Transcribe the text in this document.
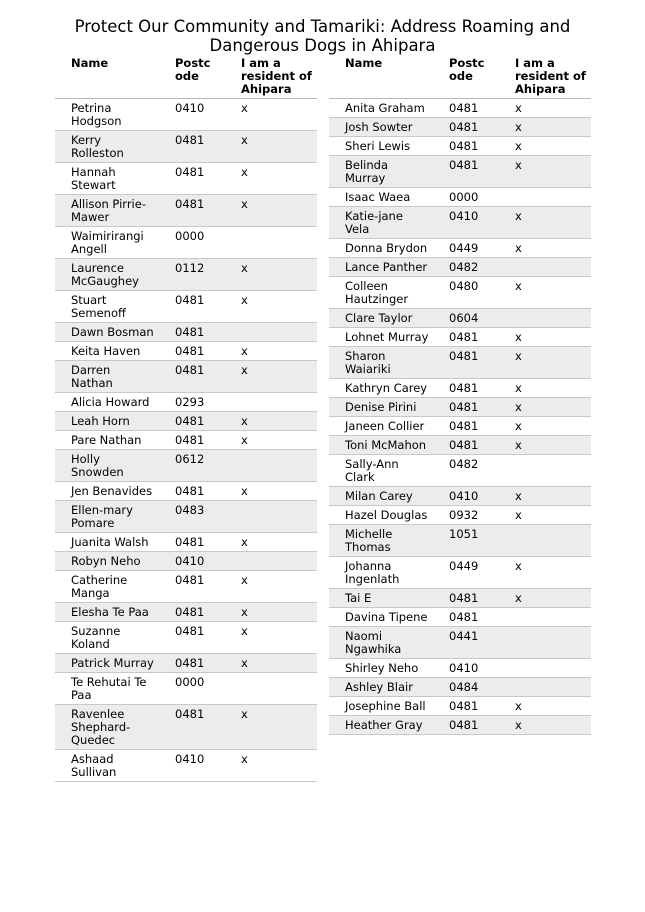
Protect Our Community and Tamariki: Address Roaming and
Dangerous Dogs in Ahipara
Name	Postc ode	I am a resident of Ahipara
Petrina Hodgson	0410	x
Kerry Rolleston	0481	x
Hannah Stewart	0481	x
Allison Pirrie-Mawer	0481	x
Waimirirangi Angell	0000	
Laurence McGaughey	0112	x
Stuart Semenoff	0481	x
Dawn Bosman	0481	
Keita Haven	0481	x
Darren Nathan	0481	x
Alicia Howard	0293	
Leah Horn	0481	x
Pare Nathan	0481	x
Holly Snowden	0612	
Jen Benavides	0481	x
Ellen-mary Pomare	0483	
Juanita Walsh	0481	x
Robyn Neho	0410	
Catherine Manga	0481	x
Elesha Te Paa	0481	x
Suzanne Koland	0481	x
Patrick Murray	0481	x
Te Rehutai Te Paa	0000	
Ravenlee Shephard-Quedec	0481	x
Ashaad Sullivan	0410	x
Name	Postc ode	I am a resident of Ahipara
Anita Graham	0481	x
Josh Sowter	0481	x
Sheri Lewis	0481	x
Belinda Murray	0481	x
Isaac Waea	0000	
Katie-jane Vela	0410	x
Donna Brydon	0449	x
Lance Panther	0482	
Colleen Hautzinger	0480	x
Clare Taylor	0604	
Lohnet Murray	0481	x
Sharon Waiariki	0481	x
Kathryn Carey	0481	x
Denise Pirini	0481	x
Janeen Collier	0481	x
Toni McMahon	0481	x
Sally-Ann Clark	0482	
Milan Carey	0410	x
Hazel Douglas	0932	x
Michelle Thomas	1051	
Johanna Ingenlath	0449	x
Tai E	0481	x
Davina Tipene	0481	
Naomi Ngawhika	0441	
Shirley Neho	0410	
Ashley Blair	0484	
Josephine Ball	0481	x
Heather Gray	0481	x
